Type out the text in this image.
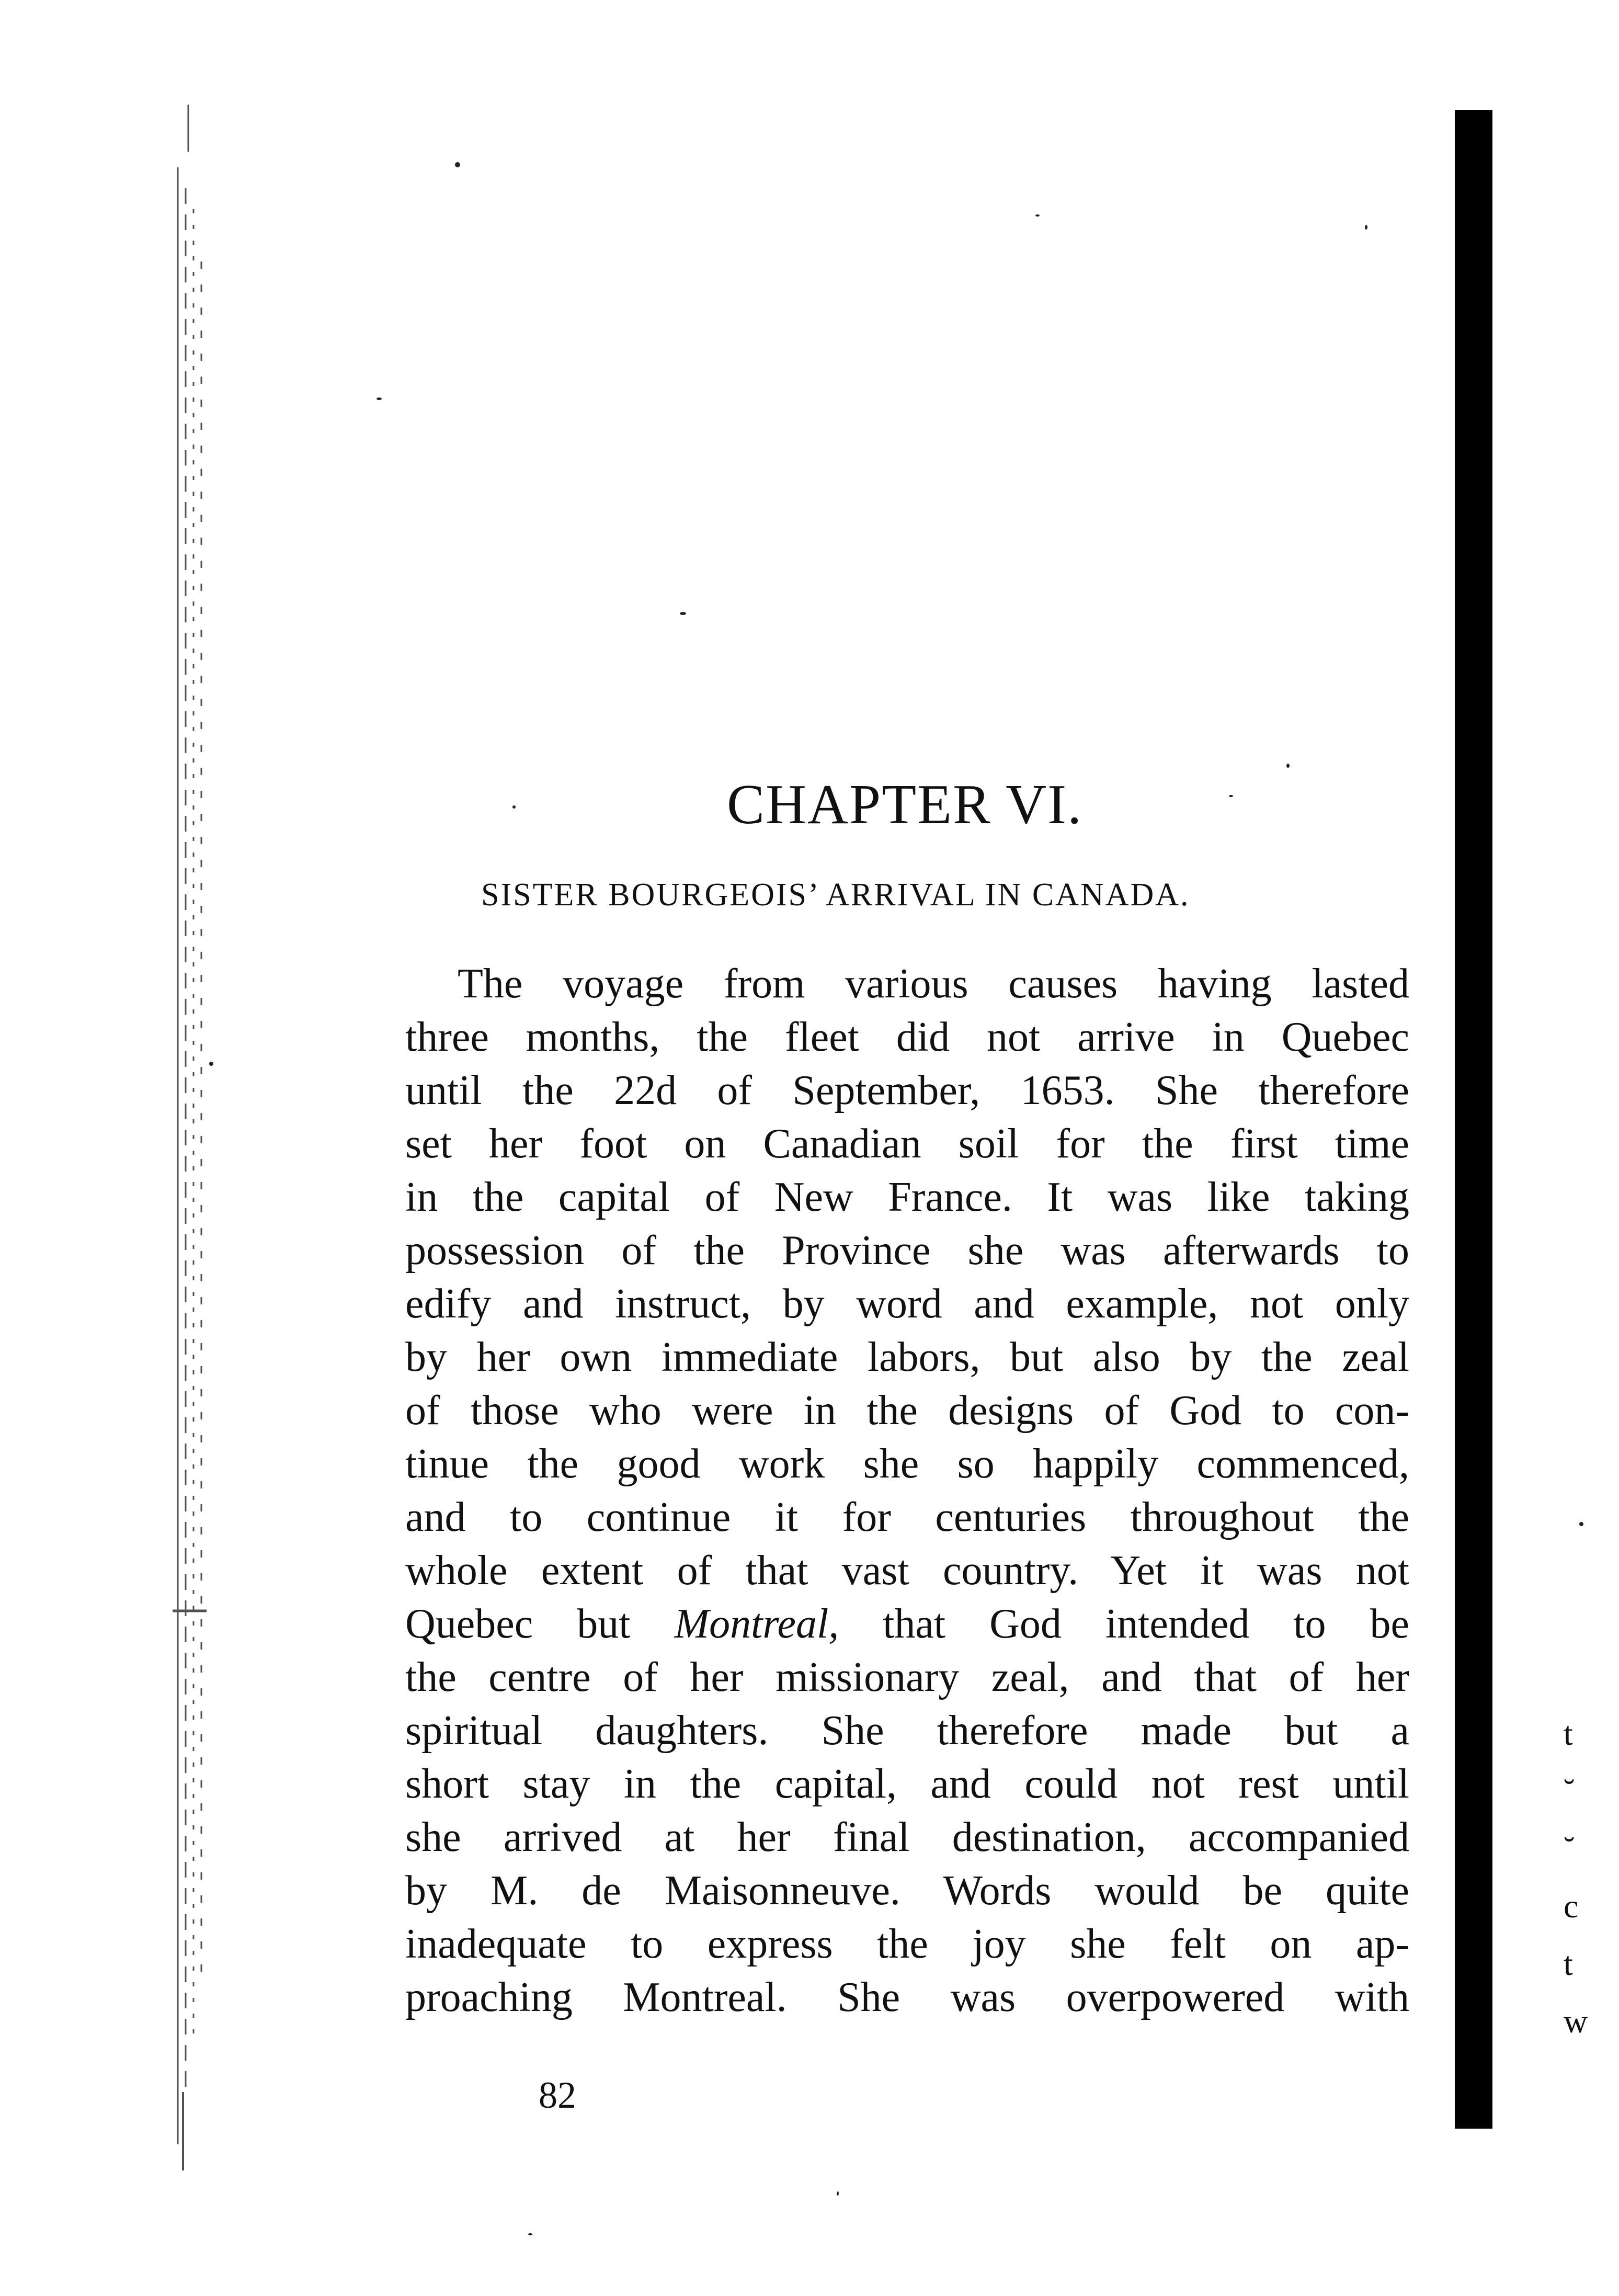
CHAPTER VI.
SISTER BOURGEOIS’ ARRIVAL IN CANADA.
The voyage from various causes having lasted
three months, the fleet did not arrive in Quebec
until the 22d of September, 1653. She therefore
set her foot on Canadian soil for the first time
in the capital of New France. It was like taking
possession of the Province she was afterwards to
edify and instruct, by word and example, not only
by her own immediate labors, but also by the zeal
of those who were in the designs of God to con-
tinue the good work she so happily commenced,
and to continue it for centuries throughout the
whole extent of that vast country. Yet it was not
Quebec but Montreal, that God intended to be
the centre of her missionary zeal, and that of her
spiritual daughters. She therefore made but a
short stay in the capital, and could not rest until
she arrived at her final destination, accompanied
by M. de Maisonneuve. Words would be quite
inadequate to express the joy she felt on ap-
proaching Montreal. She was overpowered with
82
t
˘
˘
c
t
w
